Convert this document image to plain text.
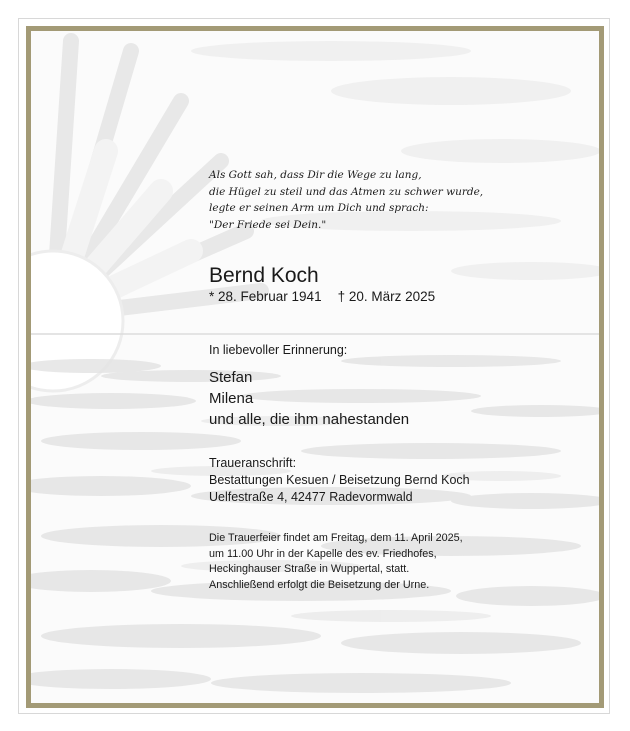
Als Gott sah, dass Dir die Wege zu lang,
die Hügel zu steil und das Atmen zu schwer wurde,
legte er seinen Arm um Dich und sprach:
"Der Friede sei Dein."
Bernd Koch
* 28. Februar 1941 † 20. März 2025
In liebevoller Erinnerung:
Stefan
Milena
und alle, die ihm nahestanden
Traueranschrift:
Bestattungen Kesuen / Beisetzung Bernd Koch
Uelfestraße 4, 42477 Radevormwald
Die Trauerfeier findet am Freitag, dem 11. April 2025,
um 11.00 Uhr in der Kapelle des ev. Friedhofes,
Heckinghauser Straße in Wuppertal, statt.
Anschließend erfolgt die Beisetzung der Urne.
